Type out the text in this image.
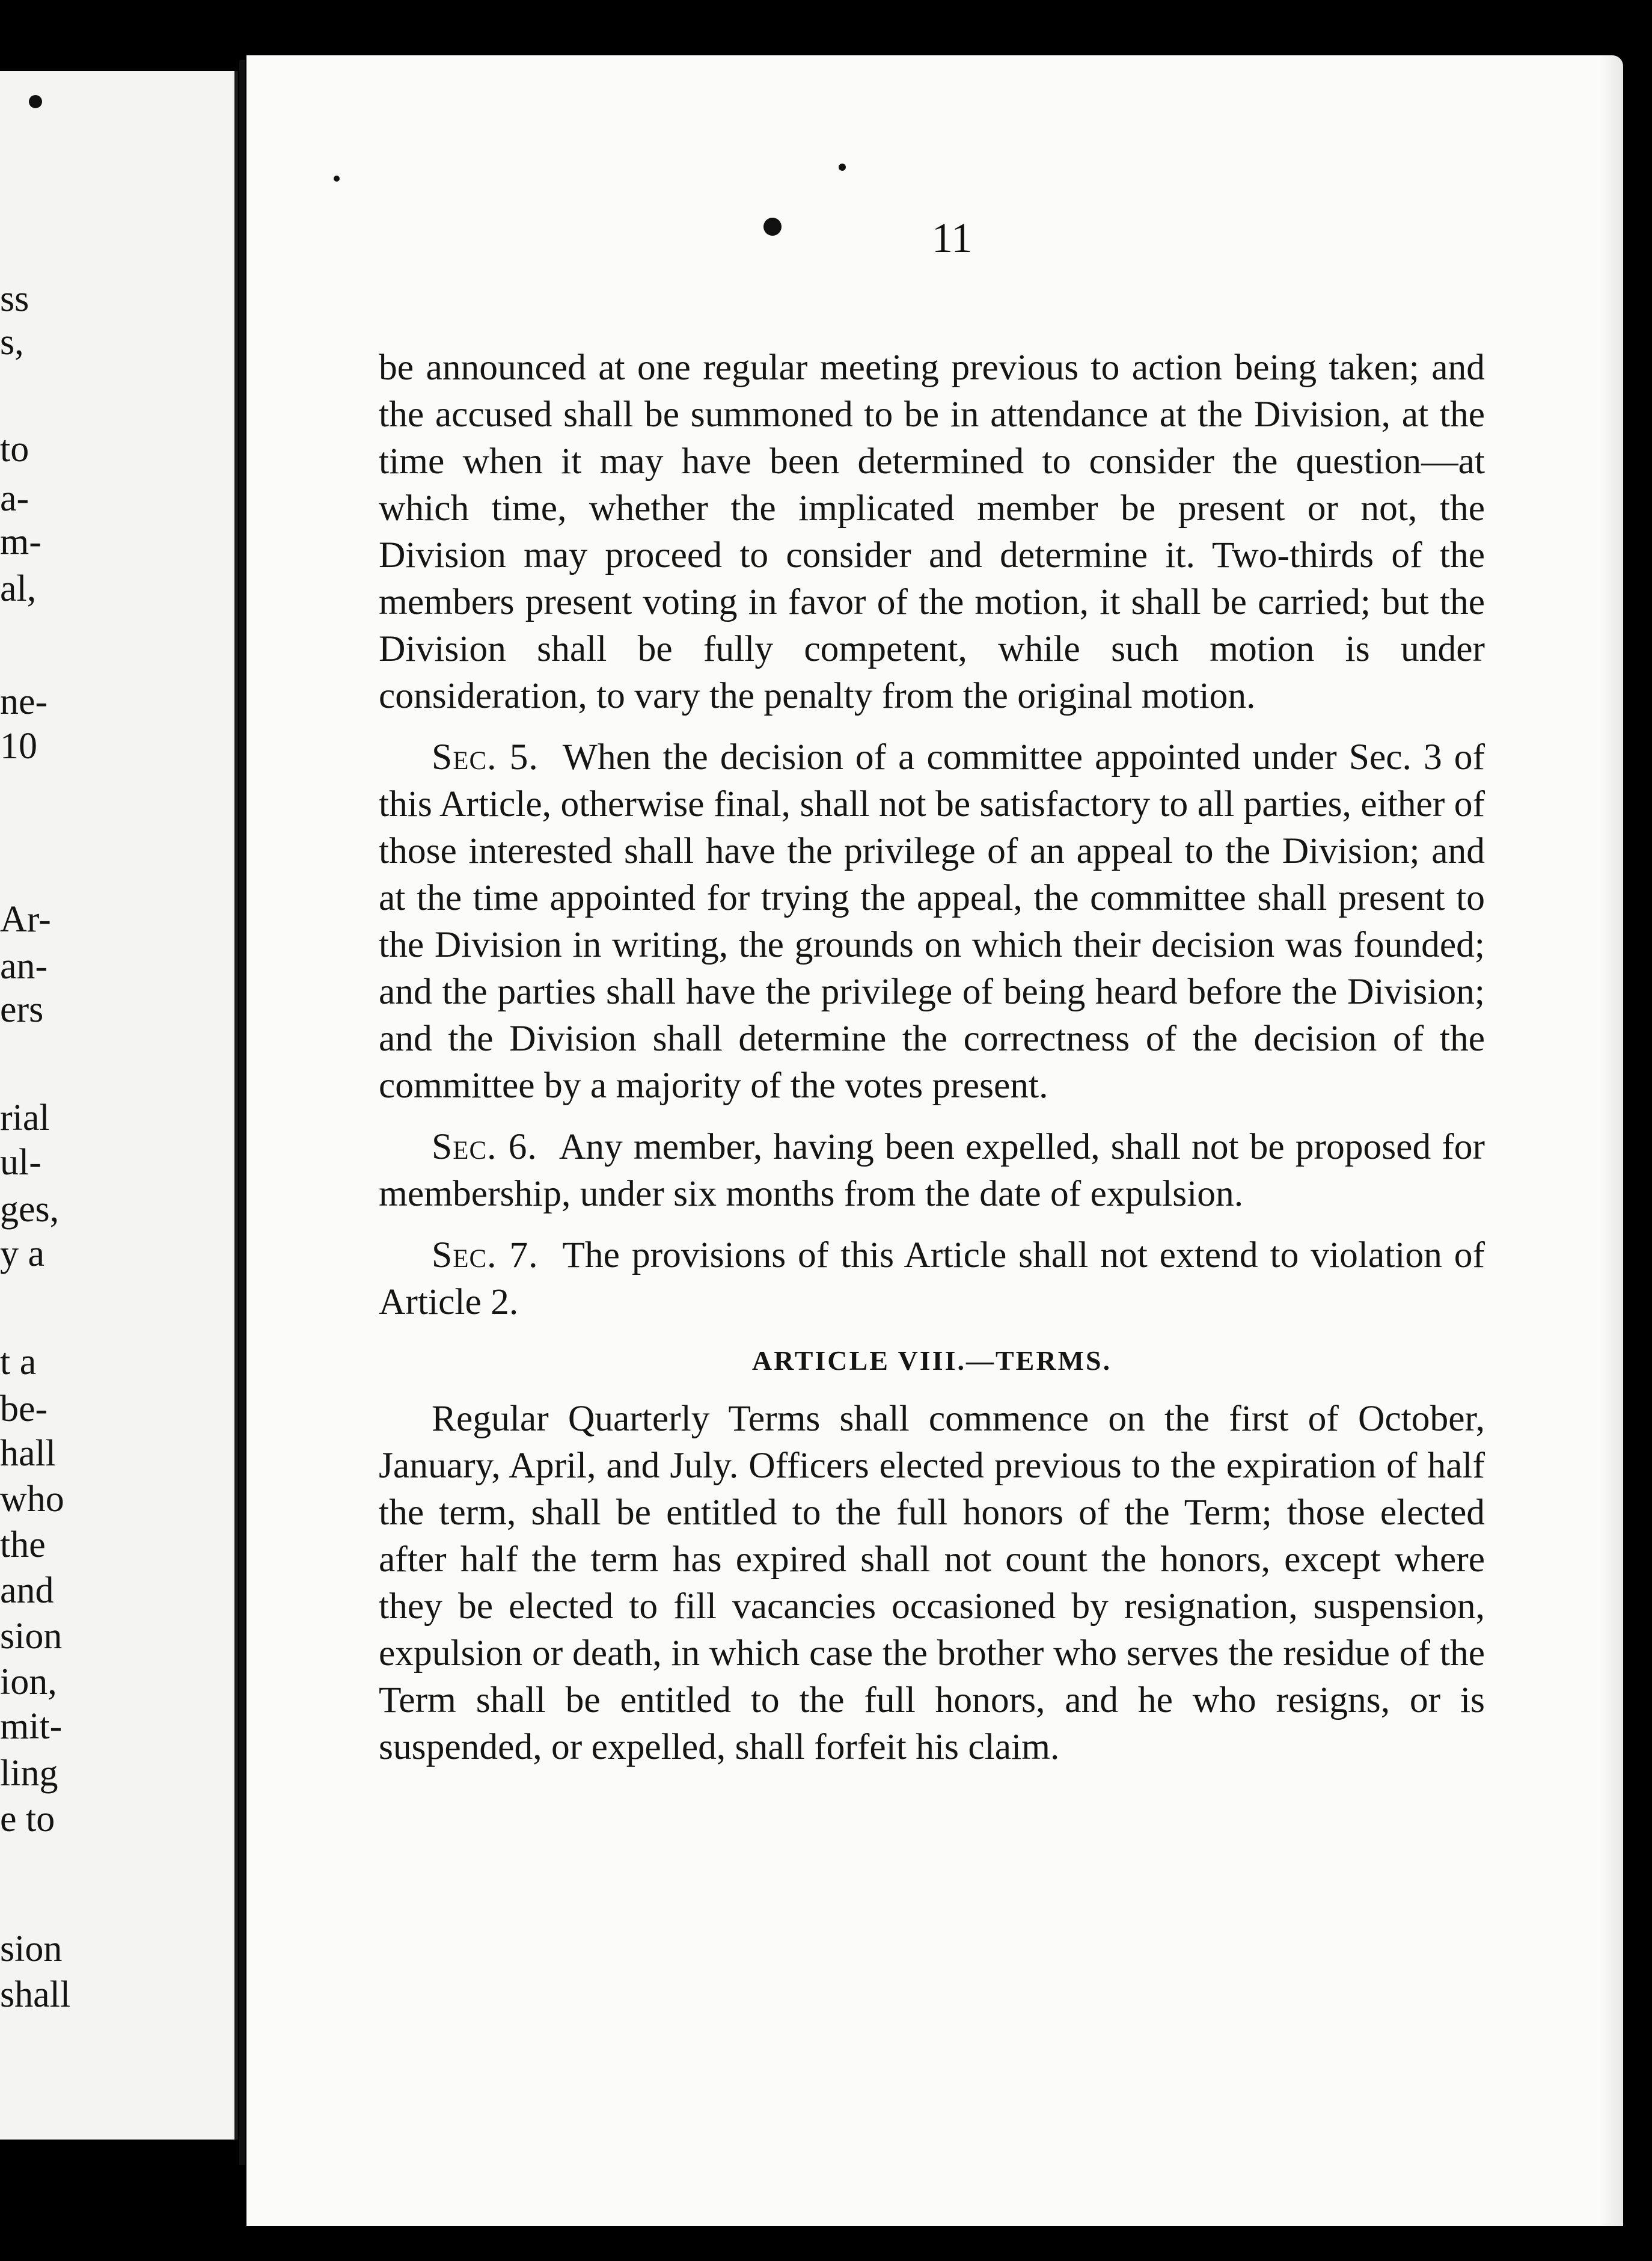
ss
s,
to
a-
m-
al,
ne-
10
Ar-
an-
ers
rial
ul-
ges,
y a
t a
be-
hall
who
the
and
sion
ion,
mit-
ling
e to
sion
shall
11

be announced at one regular meeting previous to action being taken; and the accused shall be summoned to be in attendance at the Division, at the time when it may have been determined to consider the question—at which time, whether the implicated member be present or not, the Division may proceed to consider and determine it. Two-thirds of the members present voting in favor of the motion, it shall be carried; but the Division shall be fully competent, while such motion is under consideration, to vary the penalty from the original motion.

Sec. 5. When the decision of a committee appointed under Sec. 3 of this Article, otherwise final, shall not be satisfactory to all parties, either of those interested shall have the privilege of an appeal to the Division; and at the time appointed for trying the appeal, the committee shall present to the Division in writing, the grounds on which their decision was founded; and the parties shall have the privilege of being heard before the Division; and the Division shall determine the correctness of the decision of the committee by a majority of the votes present.

Sec. 6. Any member, having been expelled, shall not be proposed for membership, under six months from the date of expulsion.

Sec. 7. The provisions of this Article shall not extend to violation of Article 2.

ARTICLE VIII.—TERMS.

Regular Quarterly Terms shall commence on the first of October, January, April, and July. Officers elected previous to the expiration of half the term, shall be entitled to the full honors of the Term; those elected after half the term has expired shall not count the honors, except where they be elected to fill vacancies occasioned by resignation, suspension, expulsion or death, in which case the brother who serves the residue of the Term shall be entitled to the full honors, and he who resigns, or is suspended, or expelled, shall forfeit his claim.
